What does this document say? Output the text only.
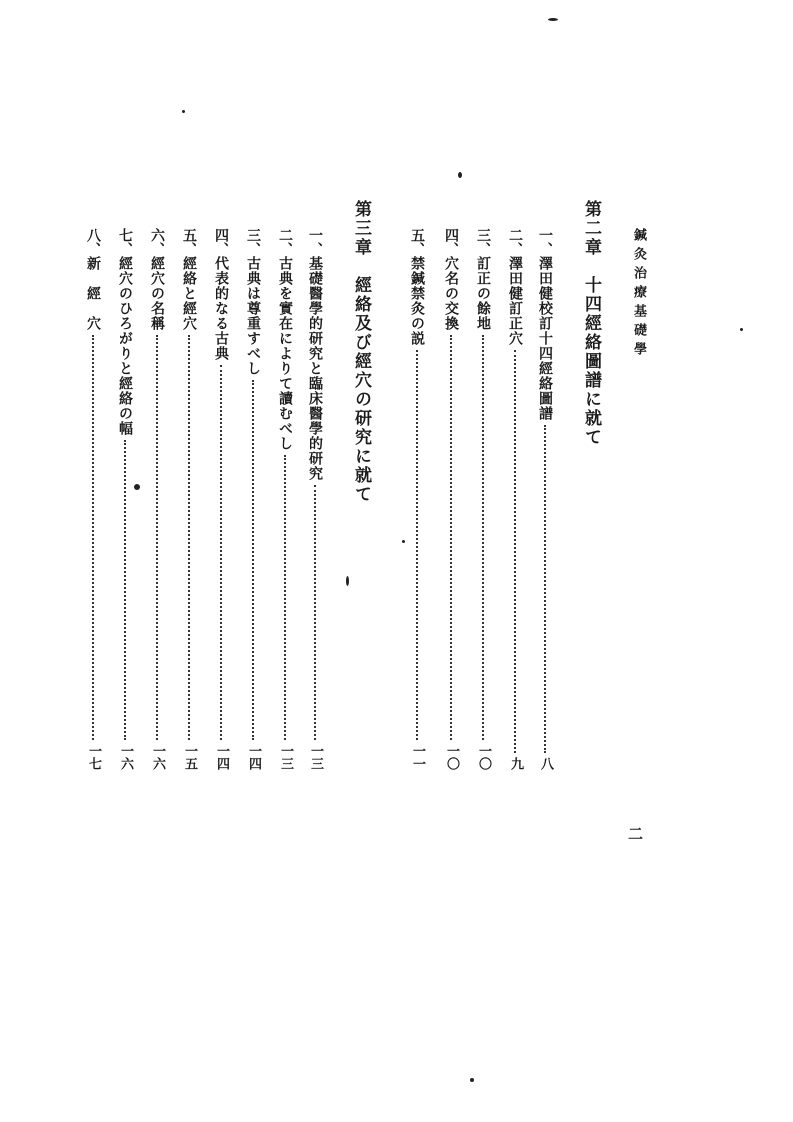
鍼灸治療基礎學
二
第二章　十四經絡圖譜に就て
一、
澤田健校訂十四經絡圖譜
八
二、
澤田健訂正穴
九
三、
訂正の餘地
一〇
四、
穴名の交換
一〇
五、
禁鍼禁灸の説
一一
第三章　經絡及び經穴の研究に就て
一、
基礎醫學的研究と臨床醫學的研究
一三
二、
古典を實在によりて讀むべし
一三
三、
古典は尊重すべし
一四
四、
代表的なる古典
一四
五、
經絡と經穴
一五
六、
經穴の名稱
一六
七、
經穴のひろがりと經絡の幅
一六
八、
新　經　穴
一七
